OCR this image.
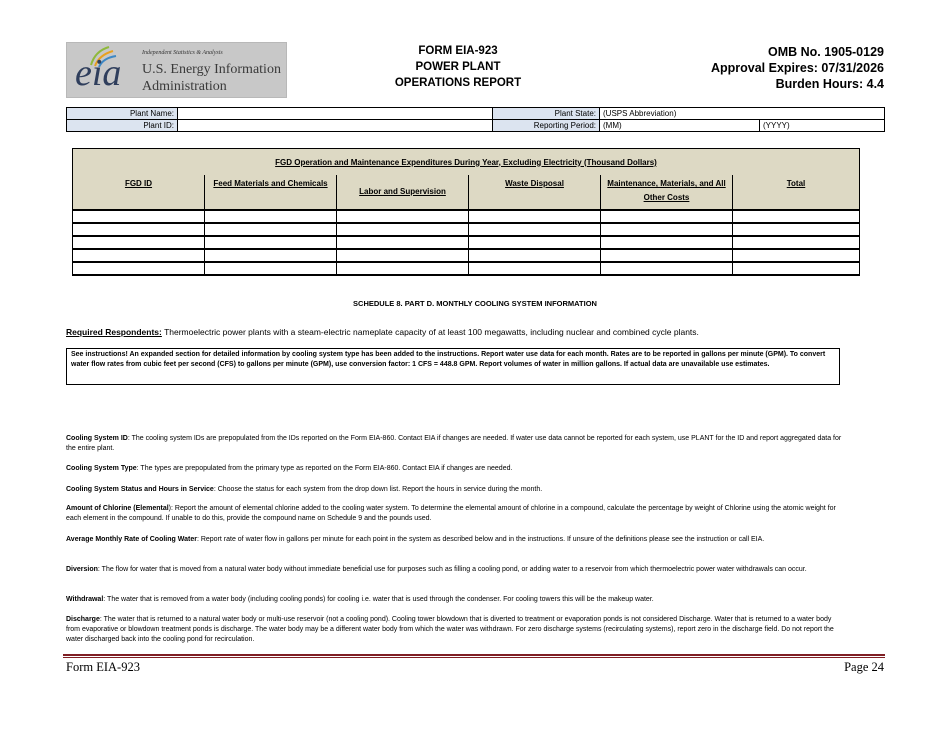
eia	Independent Statistics & Analysis
U.S. Energy Information
Administration
FORM EIA-923
POWER PLANT
OPERATIONS REPORT
OMB No. 1905-0129
Approval Expires: 07/31/2026
Burden Hours: 4.4
Plant Name:		Plant State:	(USPS Abbreviation)	
Plant ID:		Reporting Period:	(MM)	(YYYY)
FGD Operation and Maintenance Expenditures During Year, Excluding Electricity (Thousand Dollars)					
FGD ID	Feed Materials and Chemicals	Labor and Supervision	Waste Disposal	Maintenance, Materials, and All Other Costs	Total

SCHEDULE 8. PART D. MONTHLY COOLING SYSTEM INFORMATION
Required Respondents: Thermoelectric power plants with a steam-electric nameplate capacity of at least 100 megawatts, including nuclear and combined cycle plants.
See instructions! An expanded section for detailed information by cooling system type has been added to the instructions. Report water use data for each month. Rates are to be reported in gallons per minute (GPM). To convert water flow rates from cubic feet per second (CFS) to gallons per minute (GPM), use conversion factor: 1 CFS = 448.8 GPM. Report volumes of water in million gallons. If actual data are unavailable use estimates.
Cooling System ID: The cooling system IDs are prepopulated from the IDs reported on the Form EIA-860. Contact EIA if changes are needed. If water use data cannot be reported for each system, use PLANT for the ID and report aggregated data for the entire plant.
Cooling System Type: The types are prepopulated from the primary type as reported on the Form EIA-860. Contact EIA if changes are needed.
Cooling System Status and Hours in Service: Choose the status for each system from the drop down list. Report the hours in service during the month.
Amount of Chlorine (Elemental): Report the amount of elemental chlorine added to the cooling water system. To determine the elemental amount of chlorine in a compound, calculate the percentage by weight of Chlorine using the atomic weight for each element in the compound. If unable to do this, provide the compound name on Schedule 9 and the pounds used.
Average Monthly Rate of Cooling Water: Report rate of water flow in gallons per minute for each point in the system as described below and in the instructions. If unsure of the definitions please see the instruction or call EIA.
Diversion: The flow for water that is moved from a natural water body without immediate beneficial use for purposes such as filling a cooling pond, or adding water to a reservoir from which thermoelectric power water withdrawals can occur.
Withdrawal: The water that is removed from a water body (including cooling ponds) for cooling i.e. water that is used through the condenser. For cooling towers this will be the makeup water.
Discharge: The water that is returned to a natural water body or multi-use reservoir (not a cooling pond). Cooling tower blowdown that is diverted to treatment or evaporation ponds is not considered Discharge. Water that is returned to a water body from evaporative or blowdown treatment ponds is discharge. The water body may be a different water body from which the water was withdrawn. For zero discharge systems (recirculating systems), report zero in the discharge field. Do not report the water discharged back into the cooling pond for recirculation.
Form EIA-923	Page 24
